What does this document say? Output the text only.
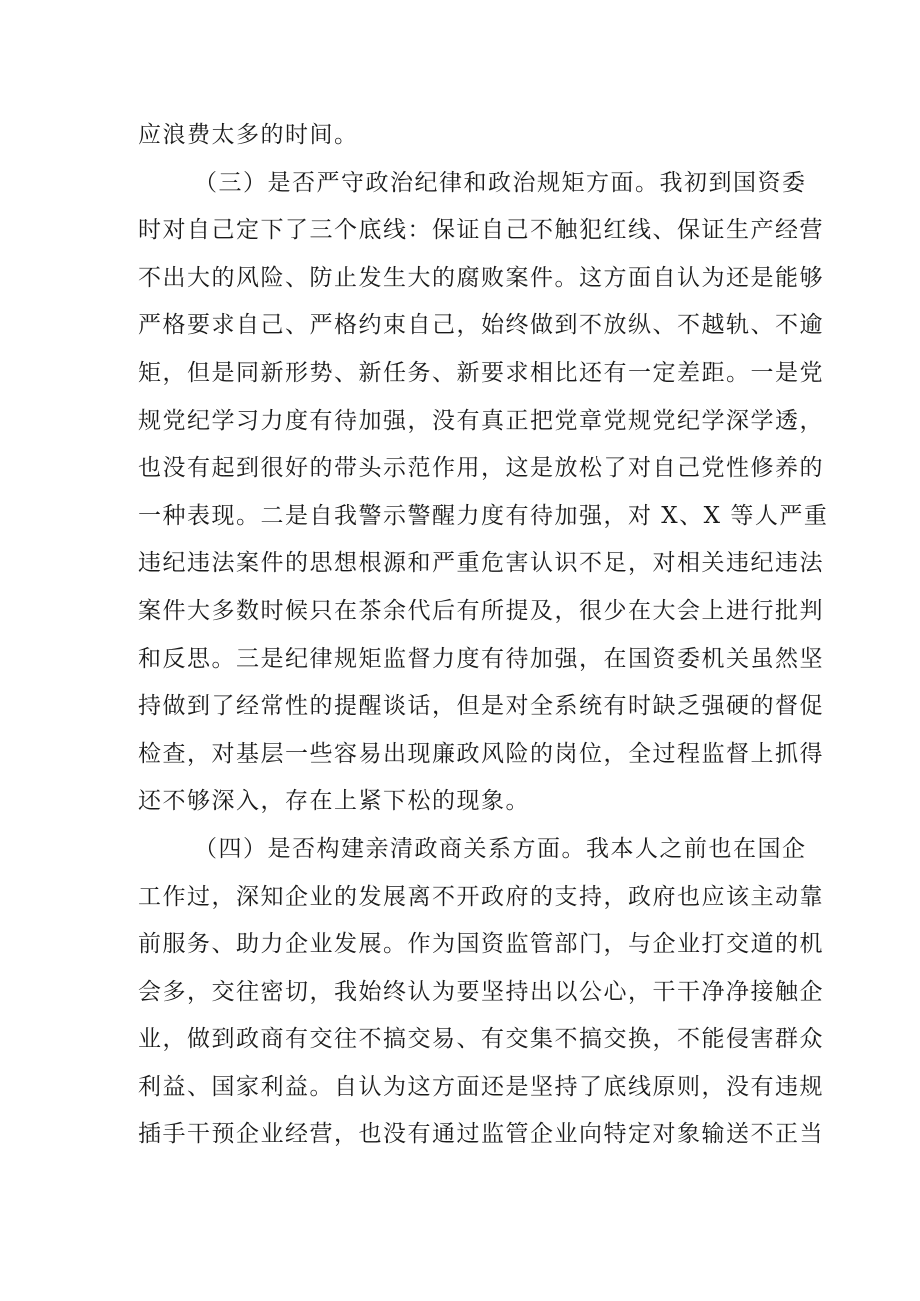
应浪费太多的时间。
（三）是否严守政治纪律和政治规矩方面。我初到国资委
时对自己定下了三个底线：保证自己不触犯红线、保证生产经营
不出大的风险、防止发生大的腐败案件。这方面自认为还是能够
严格要求自己、严格约束自己，始终做到不放纵、不越轨、不逾
矩，但是同新形势、新任务、新要求相比还有一定差距。一是党
规党纪学习力度有待加强，没有真正把党章党规党纪学深学透，
也没有起到很好的带头示范作用，这是放松了对自己党性修养的
一种表现。二是自我警示警醒力度有待加强，对 X、X 等人严重
违纪违法案件的思想根源和严重危害认识不足，对相关违纪违法
案件大多数时候只在茶余代后有所提及，很少在大会上进行批判
和反思。三是纪律规矩监督力度有待加强，在国资委机关虽然坚
持做到了经常性的提醒谈话，但是对全系统有时缺乏强硬的督促
检查，对基层一些容易出现廉政风险的岗位，全过程监督上抓得
还不够深入，存在上紧下松的现象。
（四）是否构建亲清政商关系方面。我本人之前也在国企
工作过，深知企业的发展离不开政府的支持，政府也应该主动靠
前服务、助力企业发展。作为国资监管部门，与企业打交道的机
会多，交往密切，我始终认为要坚持出以公心，干干净净接触企
业，做到政商有交往不搞交易、有交集不搞交换，不能侵害群众
利益、国家利益。自认为这方面还是坚持了底线原则，没有违规
插手干预企业经营，也没有通过监管企业向特定对象输送不正当
